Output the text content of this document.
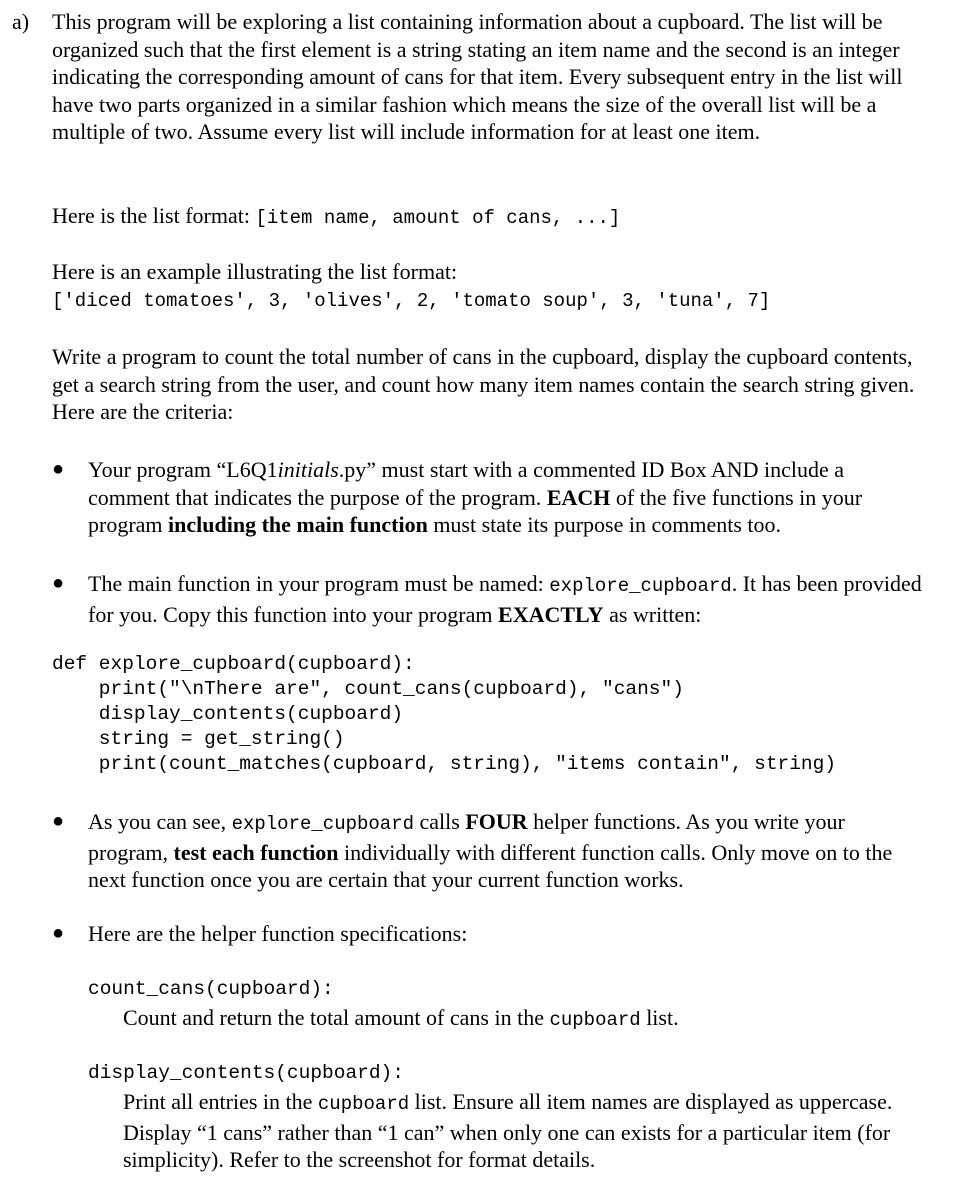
a) This program will be exploring a list containing information about a cupboard. The list will be organized such that the first element is a string stating an item name and the second is an integer indicating the corresponding amount of cans for that item. Every subsequent entry in the list will have two parts organized in a similar fashion which means the size of the overall list will be a multiple of two. Assume every list will include information for at least one item.

Here is the list format: [item name, amount of cans, ...]
Here is an example illustrating the list format:
['diced tomatoes', 3, 'olives', 2, 'tomato soup', 3, 'tuna', 7]

Write a program to count the total number of cans in the cupboard, display the cupboard contents, get a search string from the user, and count how many item names contain the search string given. Here are the criteria:

● Your program “L6Q1initials.py” must start with a commented ID Box AND include a comment that indicates the purpose of the program. EACH of the five functions in your program including the main function must state its purpose in comments too.

● The main function in your program must be named: explore_cupboard. It has been provided for you. Copy this function into your program EXACTLY as written:

def explore_cupboard(cupboard):
print("\nThere are", count_cans(cupboard), "cans")
display_contents(cupboard)
string = get_string()
print(count_matches(cupboard, string), "items contain", string)
● As you can see, explore_cupboard calls FOUR helper functions. As you write your program, test each function individually with different function calls. Only move on to the next function once you are certain that your current function works.

● Here are the helper function specifications:

count_cans(cupboard):

Count and return the total amount of cans in the cupboard list.

display_contents(cupboard):

Print all entries in the cupboard list. Ensure all item names are displayed as uppercase. Display “1 cans” rather than “1 can” when only one can exists for a particular item (for simplicity). Refer to the screenshot for format details.
